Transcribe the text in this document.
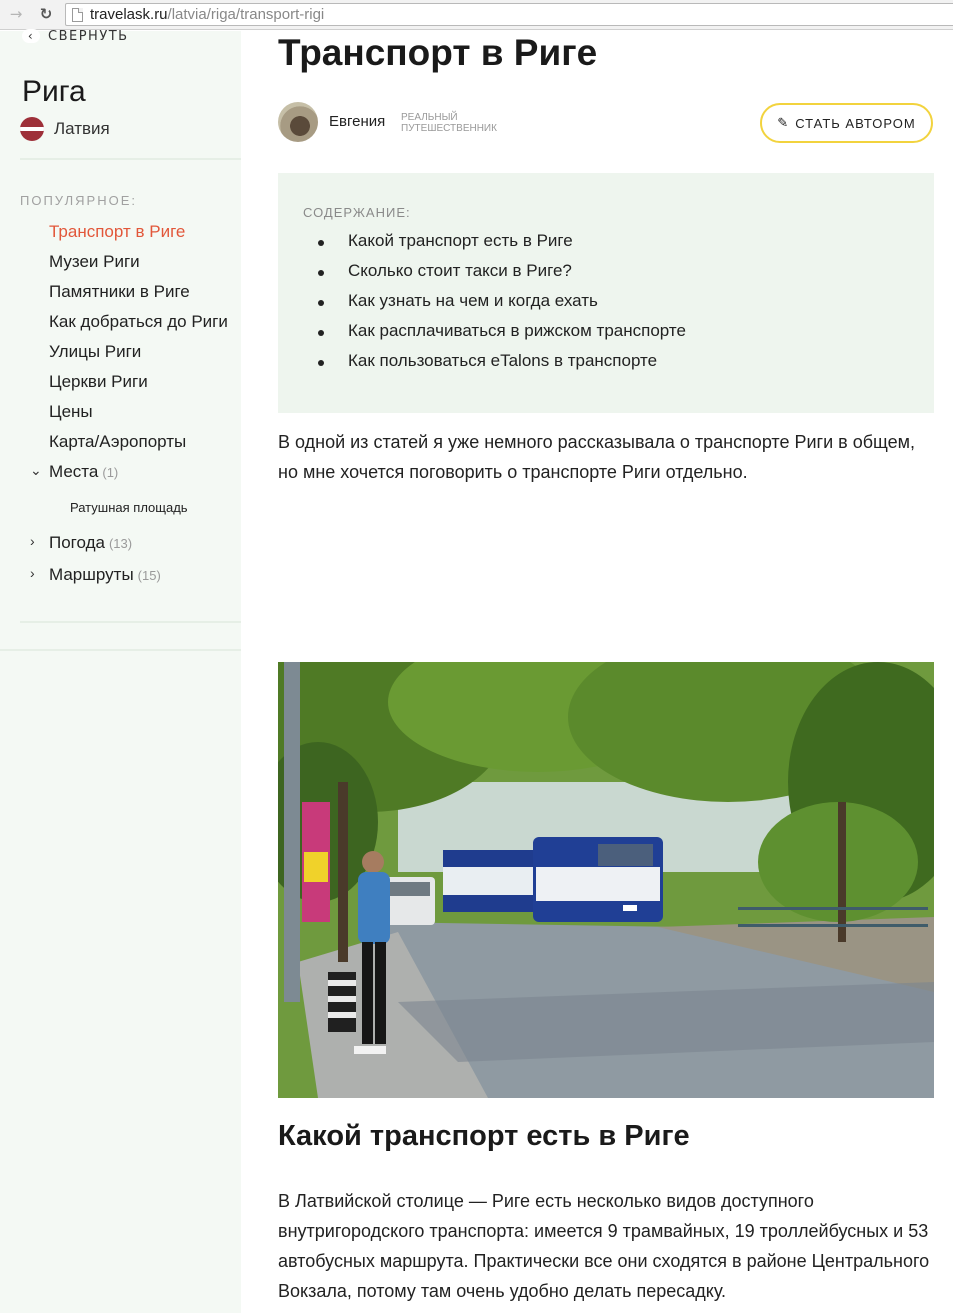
→ ↻	travelask.ru/latvia/riga/transport-rigi
‹ СВЕРНУТЬ
Рига
Латвия
ПОПУЛЯРНОЕ:
Транспорт в Риге
Музеи Риги
Памятники в Риге
Как добраться до Риги
Улицы Риги
Церкви Риги
Цены
Карта/Аэропорты
⌄ Места (1)
Ратушная площадь
› Погода (13)
› Маршруты (15)
Транспорт в Риге
Евгения РЕАЛЬНЫЙ
ПУТЕШЕСТВЕННИК	✎ СТАТЬ АВТОРОМ
СОДЕРЖАНИЕ:
Какой транспорт есть в Риге
Сколько стоит такси в Риге?
Как узнать на чем и когда ехать
Как расплачиваться в рижском транспорте
Как пользоваться eTalons в транспорте

В одной из статей я уже немного рассказывала о транспорте Риги в общем, но мне хочется поговорить о транспорте Риги отдельно.

Какой транспорт есть в Риге

В Латвийской столице — Риге есть несколько видов доступного внутригородского транспорта: имеется 9 трамвайных, 19 троллейбусных и 53 автобусных маршрута. Практически все они сходятся в районе Центрального Вокзала, потому там очень удобно делать пересадку.
